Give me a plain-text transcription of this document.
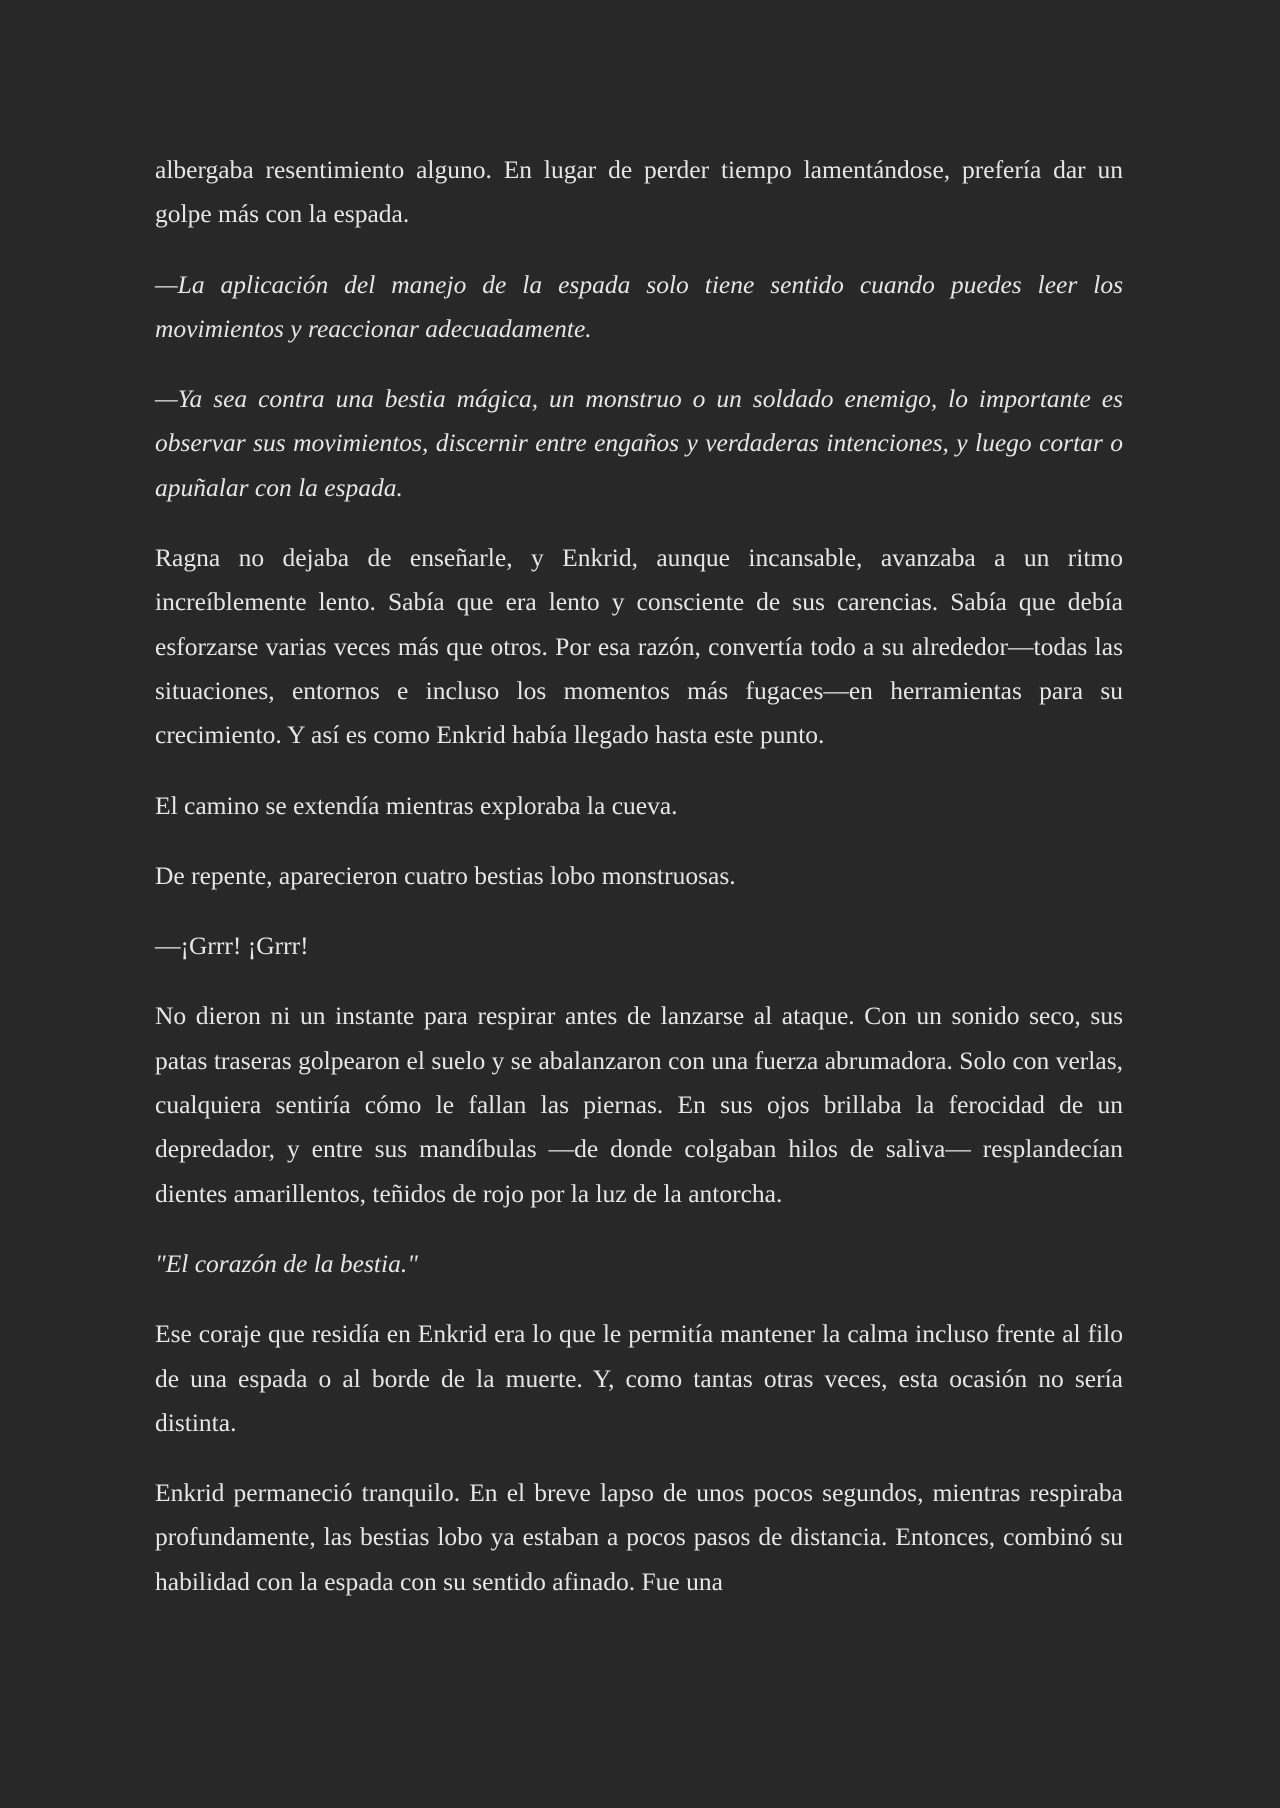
albergaba resentimiento alguno. En lugar de perder tiempo lamentándose, prefería dar un golpe más con la espada.

—La aplicación del manejo de la espada solo tiene sentido cuando puedes leer los movimientos y reaccionar adecuadamente.

—Ya sea contra una bestia mágica, un monstruo o un soldado enemigo, lo importante es observar sus movimientos, discernir entre engaños y verdaderas intenciones, y luego cortar o apuñalar con la espada.

Ragna no dejaba de enseñarle, y Enkrid, aunque incansable, avanzaba a un ritmo increíblemente lento. Sabía que era lento y consciente de sus carencias. Sabía que debía esforzarse varias veces más que otros. Por esa razón, convertía todo a su alrededor—todas las situaciones, entornos e incluso los momentos más fugaces—en herramientas para su crecimiento. Y así es como Enkrid había llegado hasta este punto.

El camino se extendía mientras exploraba la cueva.

De repente, aparecieron cuatro bestias lobo monstruosas.

—¡Grrr! ¡Grrr!

No dieron ni un instante para respirar antes de lanzarse al ataque. Con un sonido seco, sus patas traseras golpearon el suelo y se abalanzaron con una fuerza abrumadora. Solo con verlas, cualquiera sentiría cómo le fallan las piernas. En sus ojos brillaba la ferocidad de un depredador, y entre sus mandíbulas —de donde colgaban hilos de saliva— resplandecían dientes amarillentos, teñidos de rojo por la luz de la antorcha.

"El corazón de la bestia."

Ese coraje que residía en Enkrid era lo que le permitía mantener la calma incluso frente al filo de una espada o al borde de la muerte. Y, como tantas otras veces, esta ocasión no sería distinta.

Enkrid permaneció tranquilo. En el breve lapso de unos pocos segundos, mientras respiraba profundamente, las bestias lobo ya estaban a pocos pasos de distancia. Entonces, combinó su habilidad con la espada con su sentido afinado. Fue una
